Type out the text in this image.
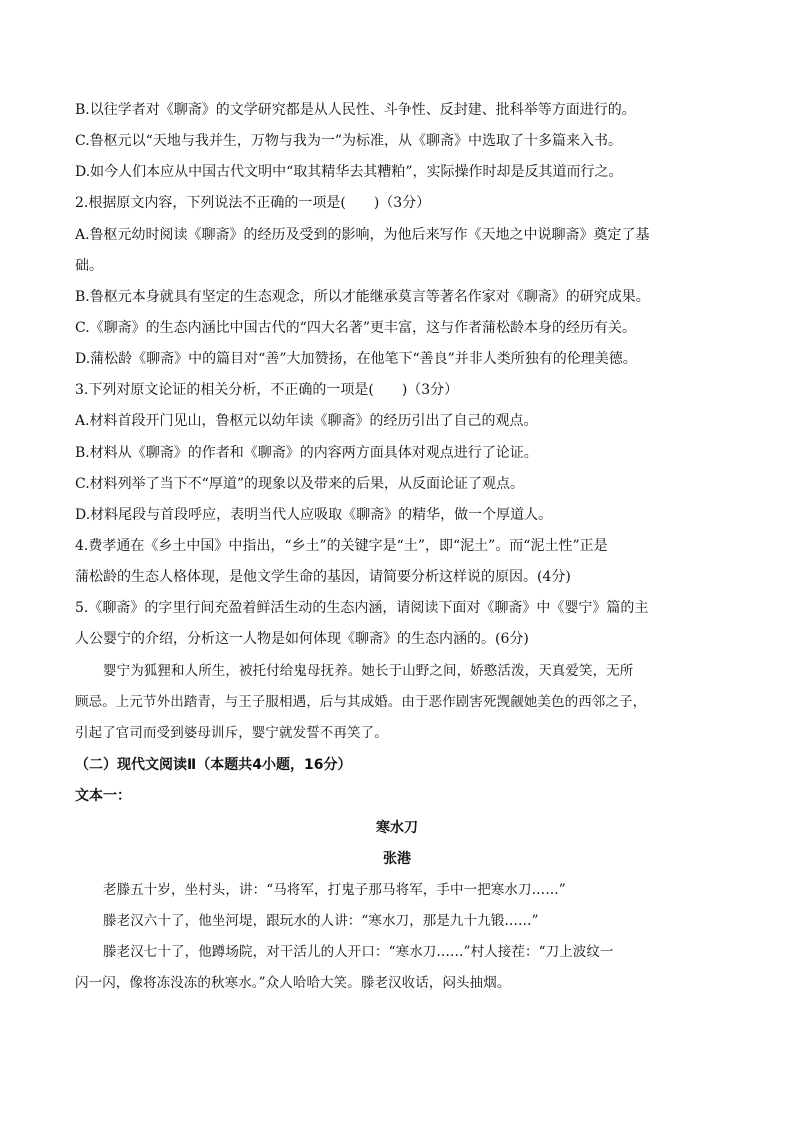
B.以往学者对《聊斋》的文学研究都是从人民性、斗争性、反封建、批科举等方面进行的。
C.鲁枢元以“天地与我并生，万物与我为一”为标准，从《聊斋》中选取了十多篇来入书。
D.如今人们本应从中国古代文明中“取其精华去其糟粕”，实际操作时却是反其道而行之。
2.根据原文内容，下列说法不正确的一项是(　　)（3分）
A.鲁枢元幼时阅读《聊斋》的经历及受到的影响，为他后来写作《天地之中说聊斋》奠定了基
础。
B.鲁枢元本身就具有坚定的生态观念，所以才能继承莫言等著名作家对《聊斋》的研究成果。
C.《聊斋》的生态内涵比中国古代的“四大名著”更丰富，这与作者蒲松龄本身的经历有关。
D.蒲松龄《聊斋》中的篇目对“善”大加赞扬，在他笔下“善良”并非人类所独有的伦理美德。
3.下列对原文论证的相关分析，不正确的一项是(　　)（3分）
A.材料首段开门见山，鲁枢元以幼年读《聊斋》的经历引出了自己的观点。
B.材料从《聊斋》的作者和《聊斋》的内容两方面具体对观点进行了论证。
C.材料列举了当下不“厚道”的现象以及带来的后果，从反面论证了观点。
D.材料尾段与首段呼应，表明当代人应吸取《聊斋》的精华，做一个厚道人。
4.费孝通在《乡土中国》中指出，“乡土”的关键字是“土”，即“泥土”。而“泥土性”正是
蒲松龄的生态人格体现，是他文学生命的基因，请简要分析这样说的原因。(4分)
5.《聊斋》的字里行间充盈着鲜活生动的生态内涵，请阅读下面对《聊斋》中《婴宁》篇的主
人公婴宁的介绍，分析这一人物是如何体现《聊斋》的生态内涵的。(6分)
婴宁为狐狸和人所生，被托付给鬼母抚养。她长于山野之间，娇憨活泼，天真爱笑，无所
顾忌。上元节外出踏青，与王子服相遇，后与其成婚。由于恶作剧害死觊觎她美色的西邻之子，
引起了官司而受到婆母训斥，婴宁就发誓不再笑了。
（二）现代文阅读Ⅱ（本题共4小题，16分）
文本一：
寒水刀
张港
老滕五十岁，坐村头，讲：“马将军，打鬼子那马将军，手中一把寒水刀……”
滕老汉六十了，他坐河堤，跟玩水的人讲：“寒水刀，那是九十九锻……”
滕老汉七十了，他蹲场院，对干活儿的人开口：“寒水刀……”村人接茬：“刀上波纹一
闪一闪，像将冻没冻的秋寒水。”众人哈哈大笑。滕老汉收话，闷头抽烟。
